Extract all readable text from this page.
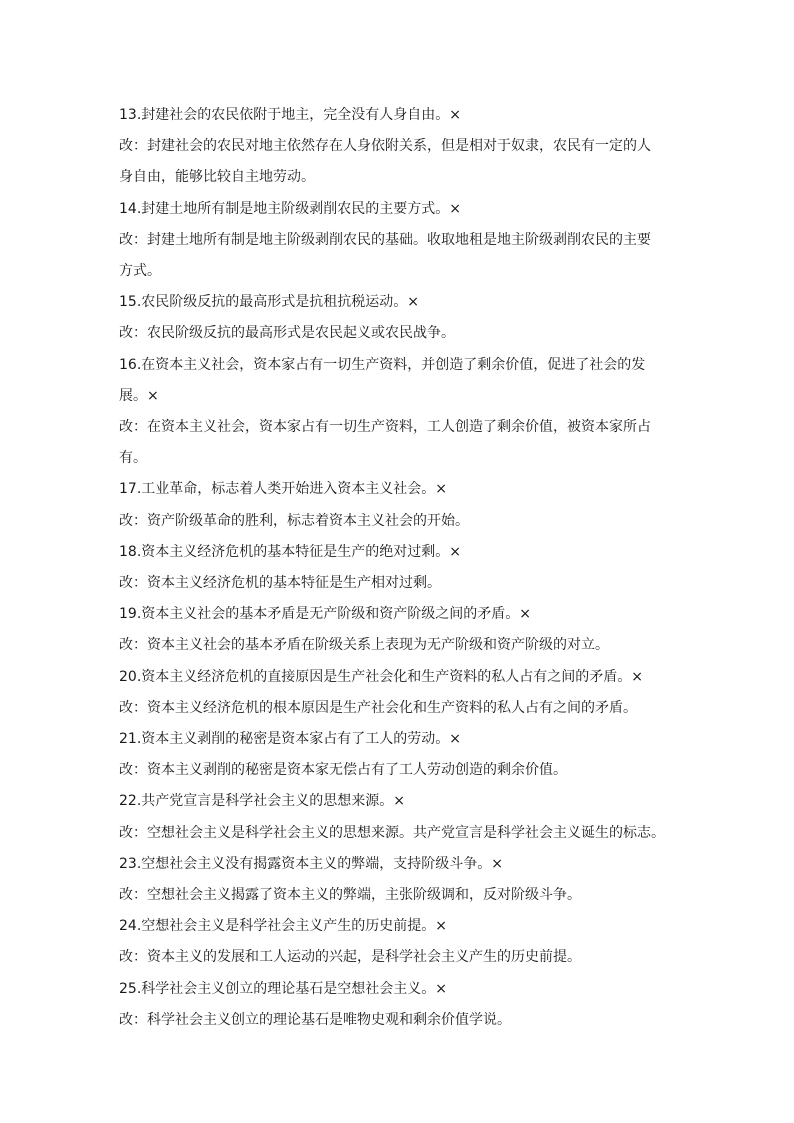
13.封建社会的农民依附于地主，完全没有人身自由。×
改：封建社会的农民对地主依然存在人身依附关系，但是相对于奴隶，农民有一定的人
身自由，能够比较自主地劳动。
14.封建土地所有制是地主阶级剥削农民的主要方式。×
改：封建土地所有制是地主阶级剥削农民的基础。收取地租是地主阶级剥削农民的主要
方式。
15.农民阶级反抗的最高形式是抗租抗税运动。×
改：农民阶级反抗的最高形式是农民起义或农民战争。
16.在资本主义社会，资本家占有一切生产资料，并创造了剩余价值，促进了社会的发
展。×
改：在资本主义社会，资本家占有一切生产资料，工人创造了剩余价值，被资本家所占
有。
17.工业革命，标志着人类开始进入资本主义社会。×
改：资产阶级革命的胜利，标志着资本主义社会的开始。
18.资本主义经济危机的基本特征是生产的绝对过剩。×
改：资本主义经济危机的基本特征是生产相对过剩。
19.资本主义社会的基本矛盾是无产阶级和资产阶级之间的矛盾。×
改：资本主义社会的基本矛盾在阶级关系上表现为无产阶级和资产阶级的对立。
20.资本主义经济危机的直接原因是生产社会化和生产资料的私人占有之间的矛盾。×
改：资本主义经济危机的根本原因是生产社会化和生产资料的私人占有之间的矛盾。
21.资本主义剥削的秘密是资本家占有了工人的劳动。×
改：资本主义剥削的秘密是资本家无偿占有了工人劳动创造的剩余价值。
22.共产党宣言是科学社会主义的思想来源。×
改：空想社会主义是科学社会主义的思想来源。共产党宣言是科学社会主义诞生的标志。
23.空想社会主义没有揭露资本主义的弊端，支持阶级斗争。×
改：空想社会主义揭露了资本主义的弊端，主张阶级调和，反对阶级斗争。
24.空想社会主义是科学社会主义产生的历史前提。×
改：资本主义的发展和工人运动的兴起，是科学社会主义产生的历史前提。
25.科学社会主义创立的理论基石是空想社会主义。×
改：科学社会主义创立的理论基石是唯物史观和剩余价值学说。
